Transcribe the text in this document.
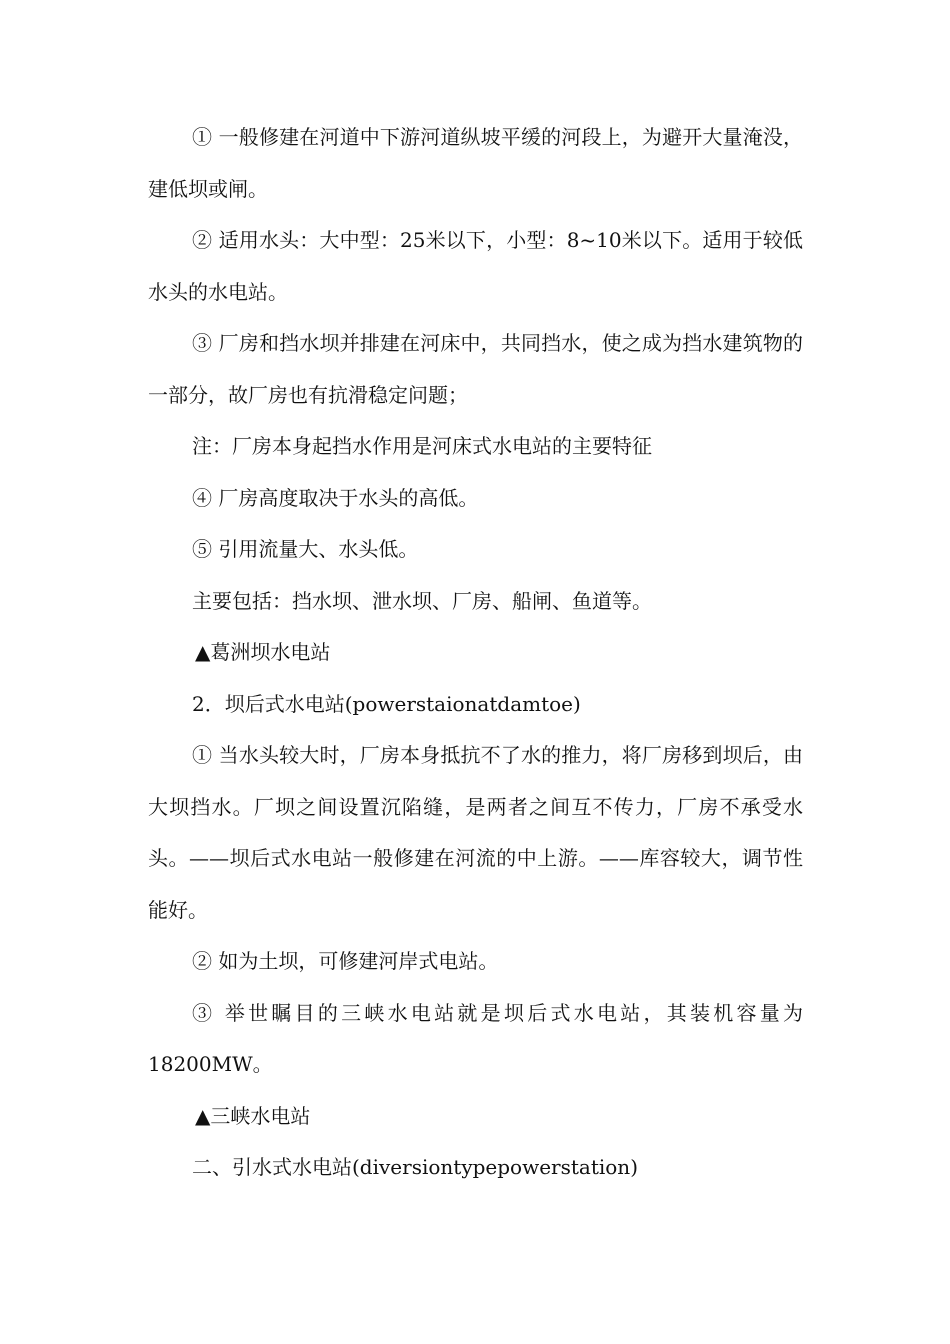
① 一般修建在河道中下游河道纵坡平缓的河段上，为避开大量淹没，建低坝或闸。

② 适用水头：大中型：25米以下，小型：8~10米以下。适用于较低水头的水电站。

③ 厂房和挡水坝并排建在河床中，共同挡水，使之成为挡水建筑物的一部分，故厂房也有抗滑稳定问题；

注：厂房本身起挡水作用是河床式水电站的主要特征

④ 厂房高度取决于水头的高低。

⑤ 引用流量大、水头低。

主要包括：挡水坝、泄水坝、厂房、船闸、鱼道等。

▲葛洲坝水电站

2．坝后式水电站(powerstaionatdamtoe)

① 当水头较大时，厂房本身抵抗不了水的推力，将厂房移到坝后，由大坝挡水。厂坝之间设置沉陷缝，是两者之间互不传力，厂房不承受水头。——坝后式水电站一般修建在河流的中上游。——库容较大，调节性能好。

② 如为土坝，可修建河岸式电站。

③ 举世瞩目的三峡水电站就是坝后式水电站，其装机容量为18200MW。

▲三峡水电站

二、引水式水电站(diversiontypepowerstation)
